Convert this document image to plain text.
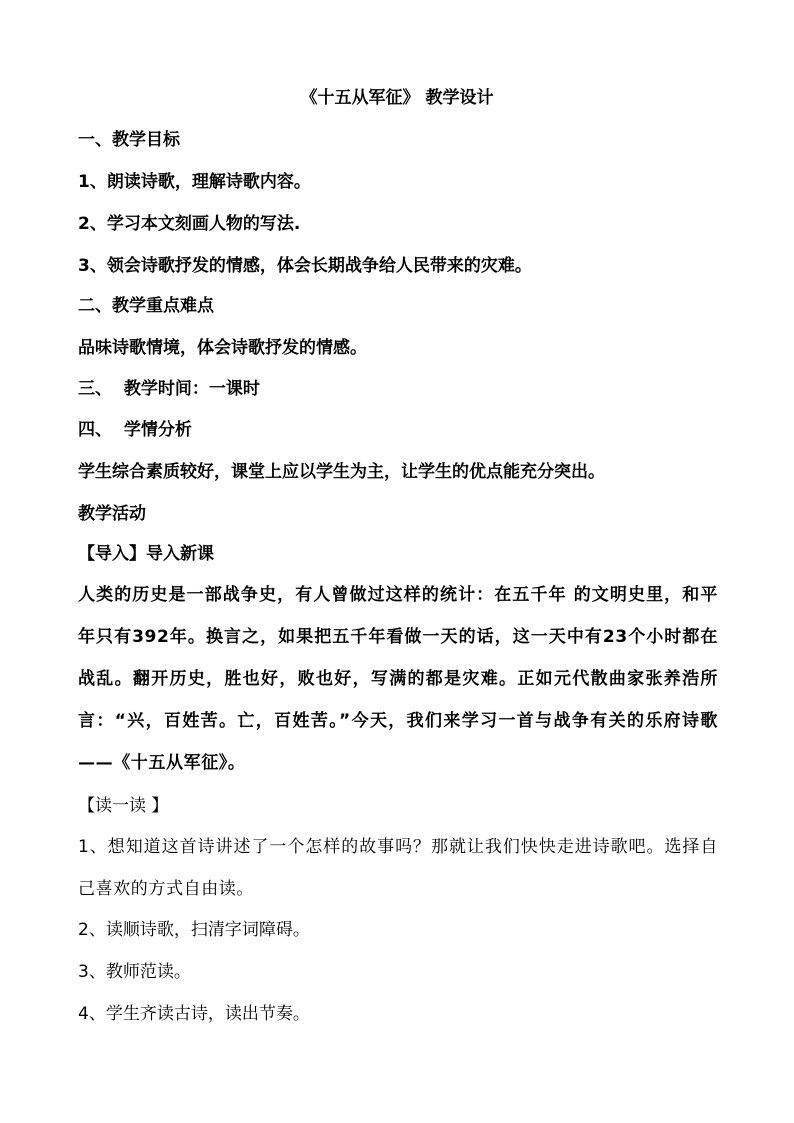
《十五从军征》 教学设计
一、教学目标
1、朗读诗歌，理解诗歌内容。
2、学习本文刻画人物的写法.
3、领会诗歌抒发的情感，体会长期战争给人民带来的灾难。
二、教学重点难点
品味诗歌情境，体会诗歌抒发的情感。
三、  教学时间：一课时
四、  学情分析
学生综合素质较好，课堂上应以学生为主，让学生的优点能充分突出。
教学活动
【导入】导入新课
人类的历史是一部战争史，有人曾做过这样的统计：在五千年 的文明史里，和平年只有392年。换言之，如果把五千年看做一天的话，这一天中有23个小时都在战乱。翻开历史，胜也好，败也好，写满的都是灾难。正如元代散曲家张养浩所言：“兴，百姓苦。亡，百姓苦。”今天，我们来学习一首与战争有关的乐府诗歌——《十五从军征》。
【读一读 】
1、想知道这首诗讲述了一个怎样的故事吗？那就让我们快快走进诗歌吧。选择自己喜欢的方式自由读。
2、读顺诗歌，扫清字词障碍。
3、教师范读。
4、学生齐读古诗，读出节奏。
